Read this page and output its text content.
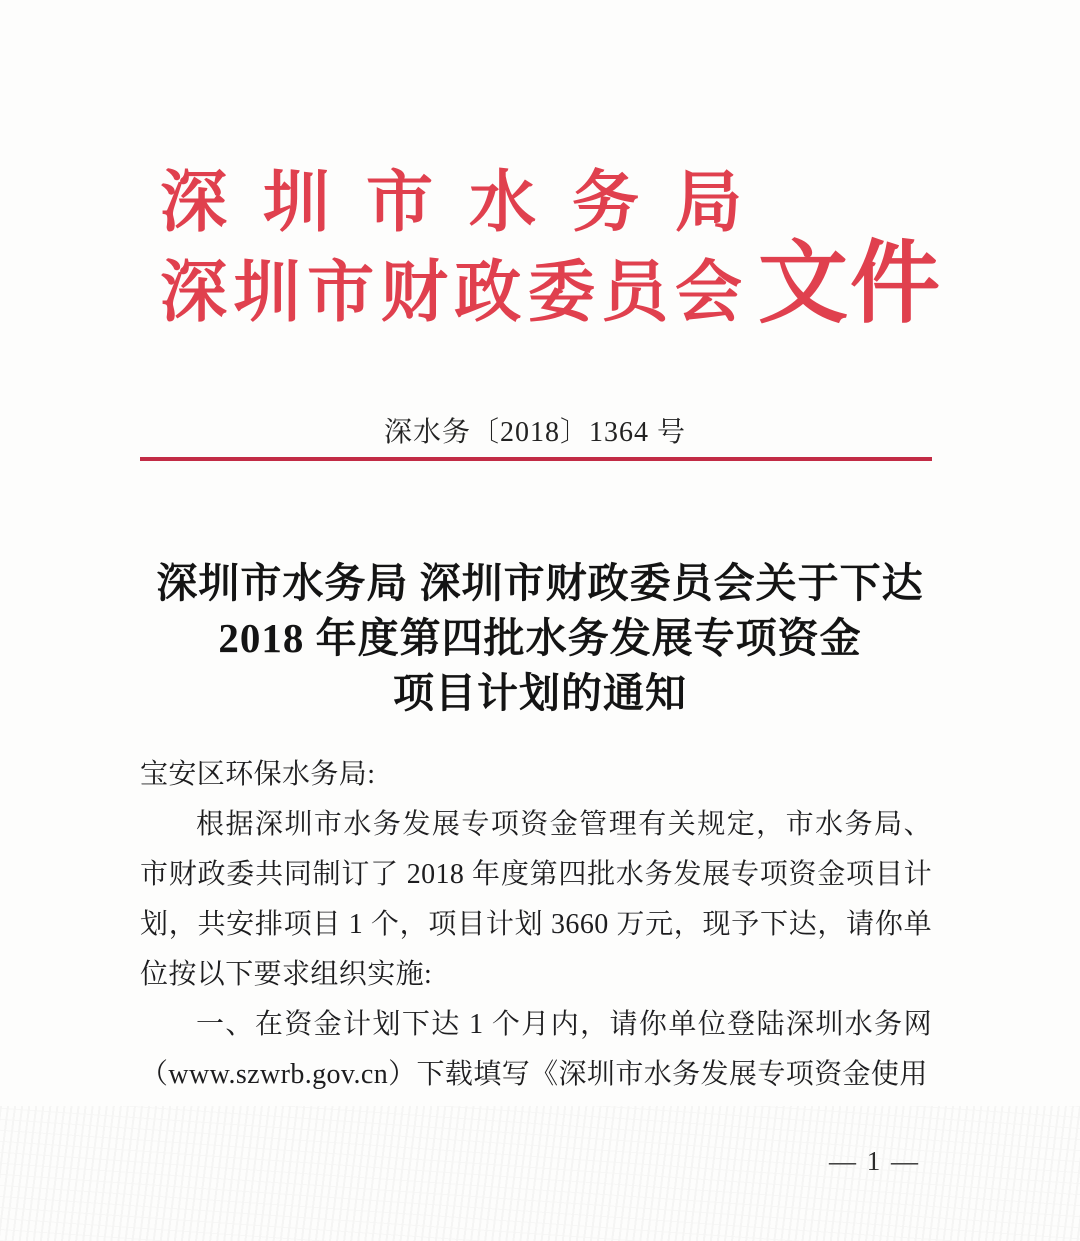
深圳市水务局
深圳市财政委员会 文件
深水务〔2018〕1364 号
深圳市水务局 深圳市财政委员会关于下达
2018 年度第四批水务发展专项资金
项目计划的通知
宝安区环保水务局:
根据深圳市水务发展专项资金管理有关规定，市水务局、市财政委共同制订了 2018 年度第四批水务发展专项资金项目计划，共安排项目 1 个，项目计划 3660 万元，现予下达，请你单位按以下要求组织实施:
一、在资金计划下达 1 个月内，请你单位登陆深圳水务网（www.szwrb.gov.cn）下载填写《深圳市水务发展专项资金使用
— 1 —
